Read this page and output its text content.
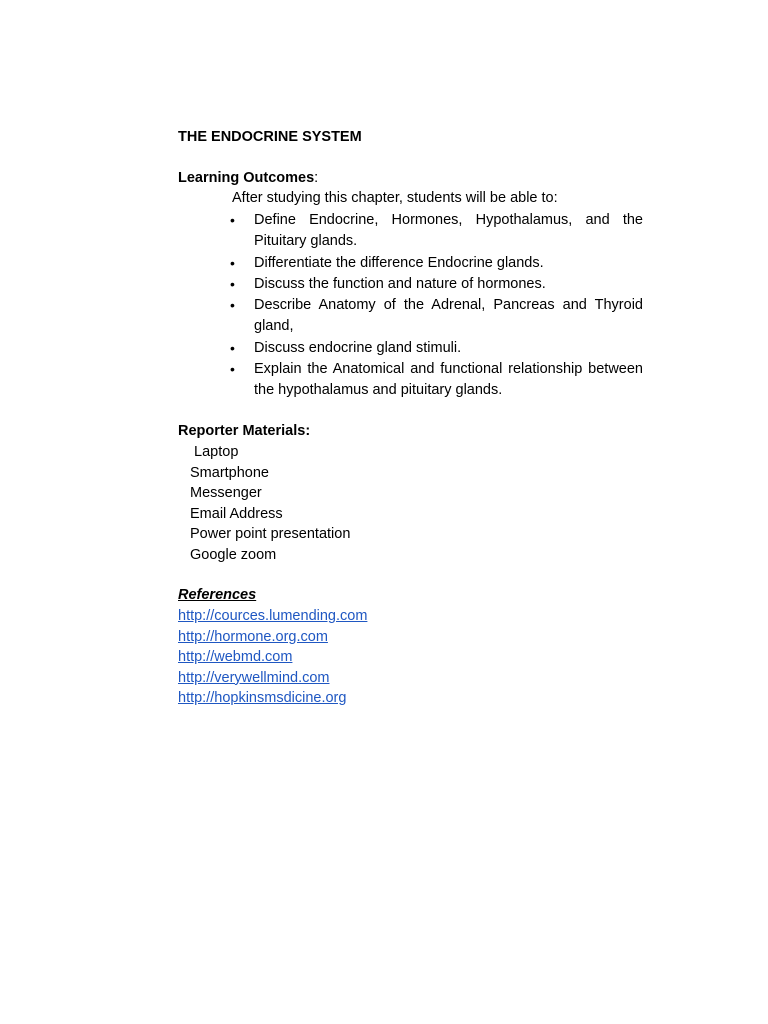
THE ENDOCRINE SYSTEM
Learning Outcomes:
After studying this chapter, students will be able to:
• Define Endocrine, Hormones, Hypothalamus, and the Pituitary glands.
• Differentiate the difference Endocrine glands.
• Discuss the function and nature of hormones.
• Describe Anatomy of the Adrenal, Pancreas and Thyroid gland,
• Discuss endocrine gland stimuli.
• Explain the Anatomical and functional relationship between the hypothalamus and pituitary glands.
Reporter Materials:
Laptop
Smartphone
Messenger
Email Address
Power point presentation
Google zoom
References
http://cources.lumending.com
http://hormone.org.com
http://webmd.com
http://verywellmind.com
http://hopkinsmsdicine.org
